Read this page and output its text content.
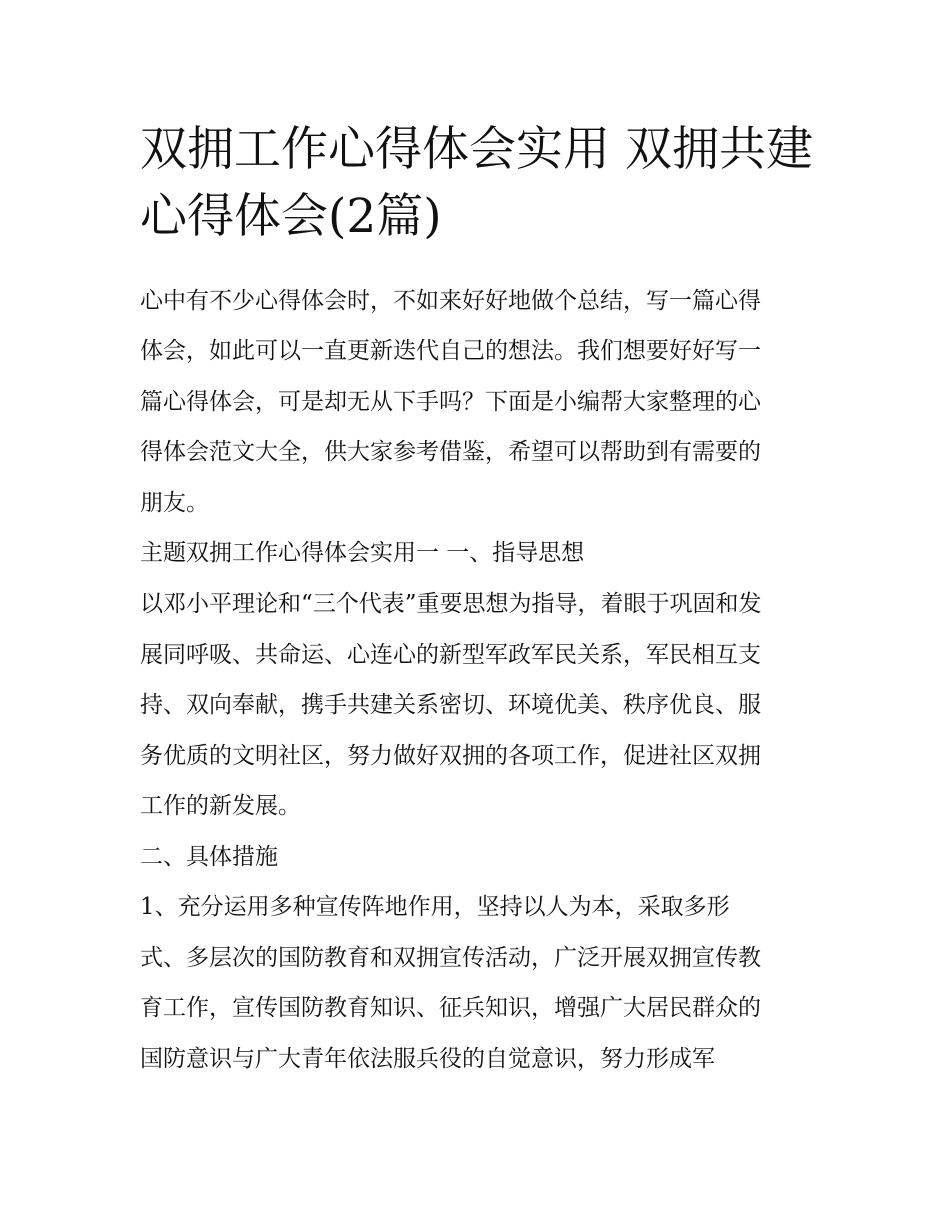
双拥工作心得体会实用 双拥共建心得体会(2篇)

心中有不少心得体会时，不如来好好地做个总结，写一篇心得

体会，如此可以一直更新迭代自己的想法。我们想要好好写一

篇心得体会，可是却无从下手吗？下面是小编帮大家整理的心

得体会范文大全，供大家参考借鉴，希望可以帮助到有需要的

朋友。

主题双拥工作心得体会实用一 一、指导思想

以邓小平理论和“三个代表”重要思想为指导，着眼于巩固和发

展同呼吸、共命运、心连心的新型军政军民关系，军民相互支

持、双向奉献，携手共建关系密切、环境优美、秩序优良、服

务优质的文明社区，努力做好双拥的各项工作，促进社区双拥

工作的新发展。

二、具体措施

1、充分运用多种宣传阵地作用，坚持以人为本，采取多形

式、多层次的国防教育和双拥宣传活动，广泛开展双拥宣传教

育工作，宣传国防教育知识、征兵知识，增强广大居民群众的

国防意识与广大青年依法服兵役的自觉意识，努力形成军
